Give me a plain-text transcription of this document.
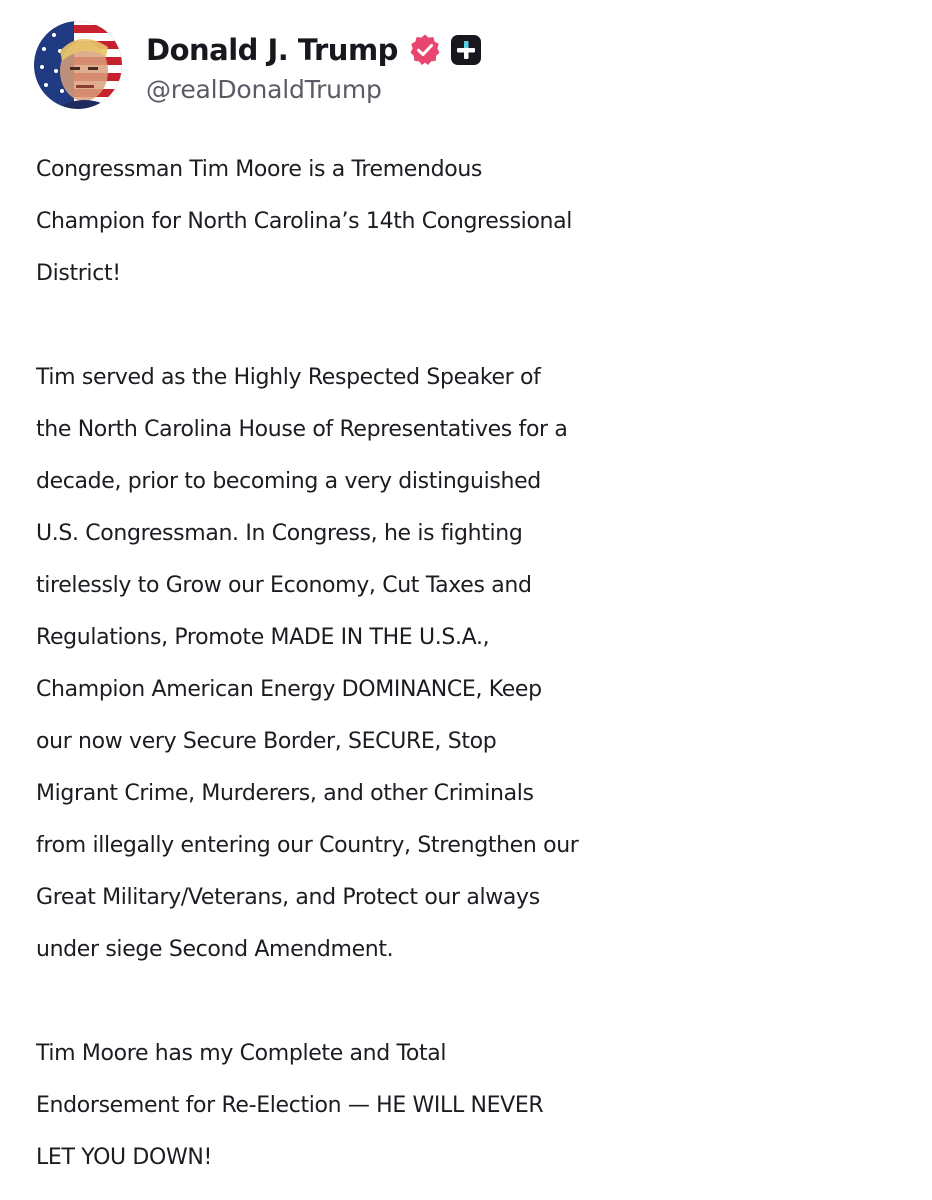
Donald J. Trump
@realDonaldTrump
Congressman Tim Moore is a Tremendous
Champion for North Carolina’s 14th Congressional
District!
Tim served as the Highly Respected Speaker of
the North Carolina House of Representatives for a
decade, prior to becoming a very distinguished
U.S. Congressman. In Congress, he is fighting
tirelessly to Grow our Economy, Cut Taxes and
Regulations, Promote MADE IN THE U.S.A.,
Champion American Energy DOMINANCE, Keep
our now very Secure Border, SECURE, Stop
Migrant Crime, Murderers, and other Criminals
from illegally entering our Country, Strengthen our
Great Military/Veterans, and Protect our always
under siege Second Amendment.
Tim Moore has my Complete and Total
Endorsement for Re-Election — HE WILL NEVER
LET YOU DOWN!
